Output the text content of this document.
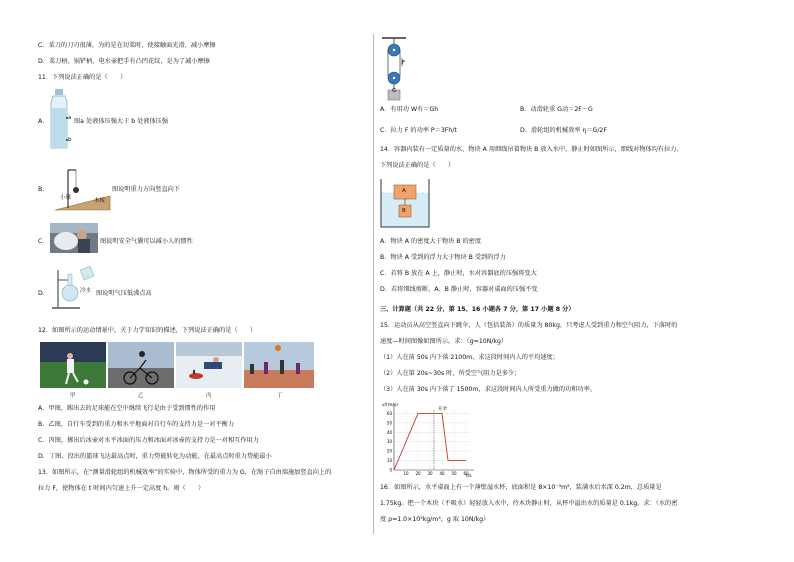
C．菜刀的刀刃很薄，为的是在切菜时，使接触面光滑，减小摩擦
D．菜刀柄、锅铲柄、电水壶把手有凸凹花纹，是为了减小摩擦
11．下列说法正确的是（　　）
A．	a
b
图a 处液体压强大于 b 处液体压强
B．
小球	木板
图说明重力方向竖直向下
C．	图说明安全气囊可以减小人的惯性
D．	冷水 图说明气压低沸点高
12．如图所示的运动情景中，关于力学知识的描述，下列说法正确的是（　　）
甲	乙	丙	丁
A．甲图，踢出去的足球能在空中继续飞行是由于受到惯性的作用
B．乙图，自行车受到的重力和水平地面对自行车的支持力是一对平衡力
C．丙图，掷出后冰壶对水平冰面的压力和冰面对冰壶的支持力是一对相互作用力
D．丁图，投出的篮球飞达最高点时，重力势能转化为动能，在最高点时重力势能最小
13．如图所示，在“测量滑轮组的机械效率”的实验中，物体所受的重力为 G，在绳子自由端施加竖直向上的
拉力 F，使物体在 t 时间内匀速上升一定高度 h。则（　　）
F
G
A．有用功 W有＝Gh	B．动滑轮重 G动＝2F－G
C．拉力 F 的功率 P＝3Fh/t	D．滑轮组的机械效率 η＝G/2F
14．容器内装有一定质量的水，物块 A 用细线吊着物块 B 放入水中，静止时如图所示，细线对物体均有拉力。
下列说法正确的是（　　）
A
B
A．物块 A 的密度大于物块 B 的密度
B．物块 A 受到的浮力大于物块 B 受到的浮力
C．若将 B 放在 A 上，静止时，水对容器底的压强将变大
D．若将细线剪断，A、B 静止时，容器对桌面的压强不变
三、计算题（共 22 分，第 15、16 小题各 7 分，第 17 小题 8 分）
15．运动员从高空竖直向下跳伞，人（包括装备）的质量为 80kg，只考虑人受到重力和空气阻力，下落时的
速度—时间图像如图所示，求：（g=10N/kg）
（1）人在前 50s 内下落 2100m，求这段时间内人的平均速度；
（2）人在第 20s~30s 时，所受空气阻力是多少；
（3）人在前 30s 内下落了 1500m，求这段时间内人所受重力做的功和功率。
v/(m/s)
t/s
开伞
60
50
40
30
20
10
0
10 20 30 40 50 60
16．如图所示，水平桌面上有一个薄壁溢水杯，底面积是 8×10⁻³m²，装满水后水深 0.2m，总质量是
1.75kg。把一个木块（不吸水）轻轻放入水中，待木块静止时，从杯中溢出水的质量是 0.1kg。求：（水的密
度 ρ=1.0×10³kg/m³，g 取 10N/kg）
